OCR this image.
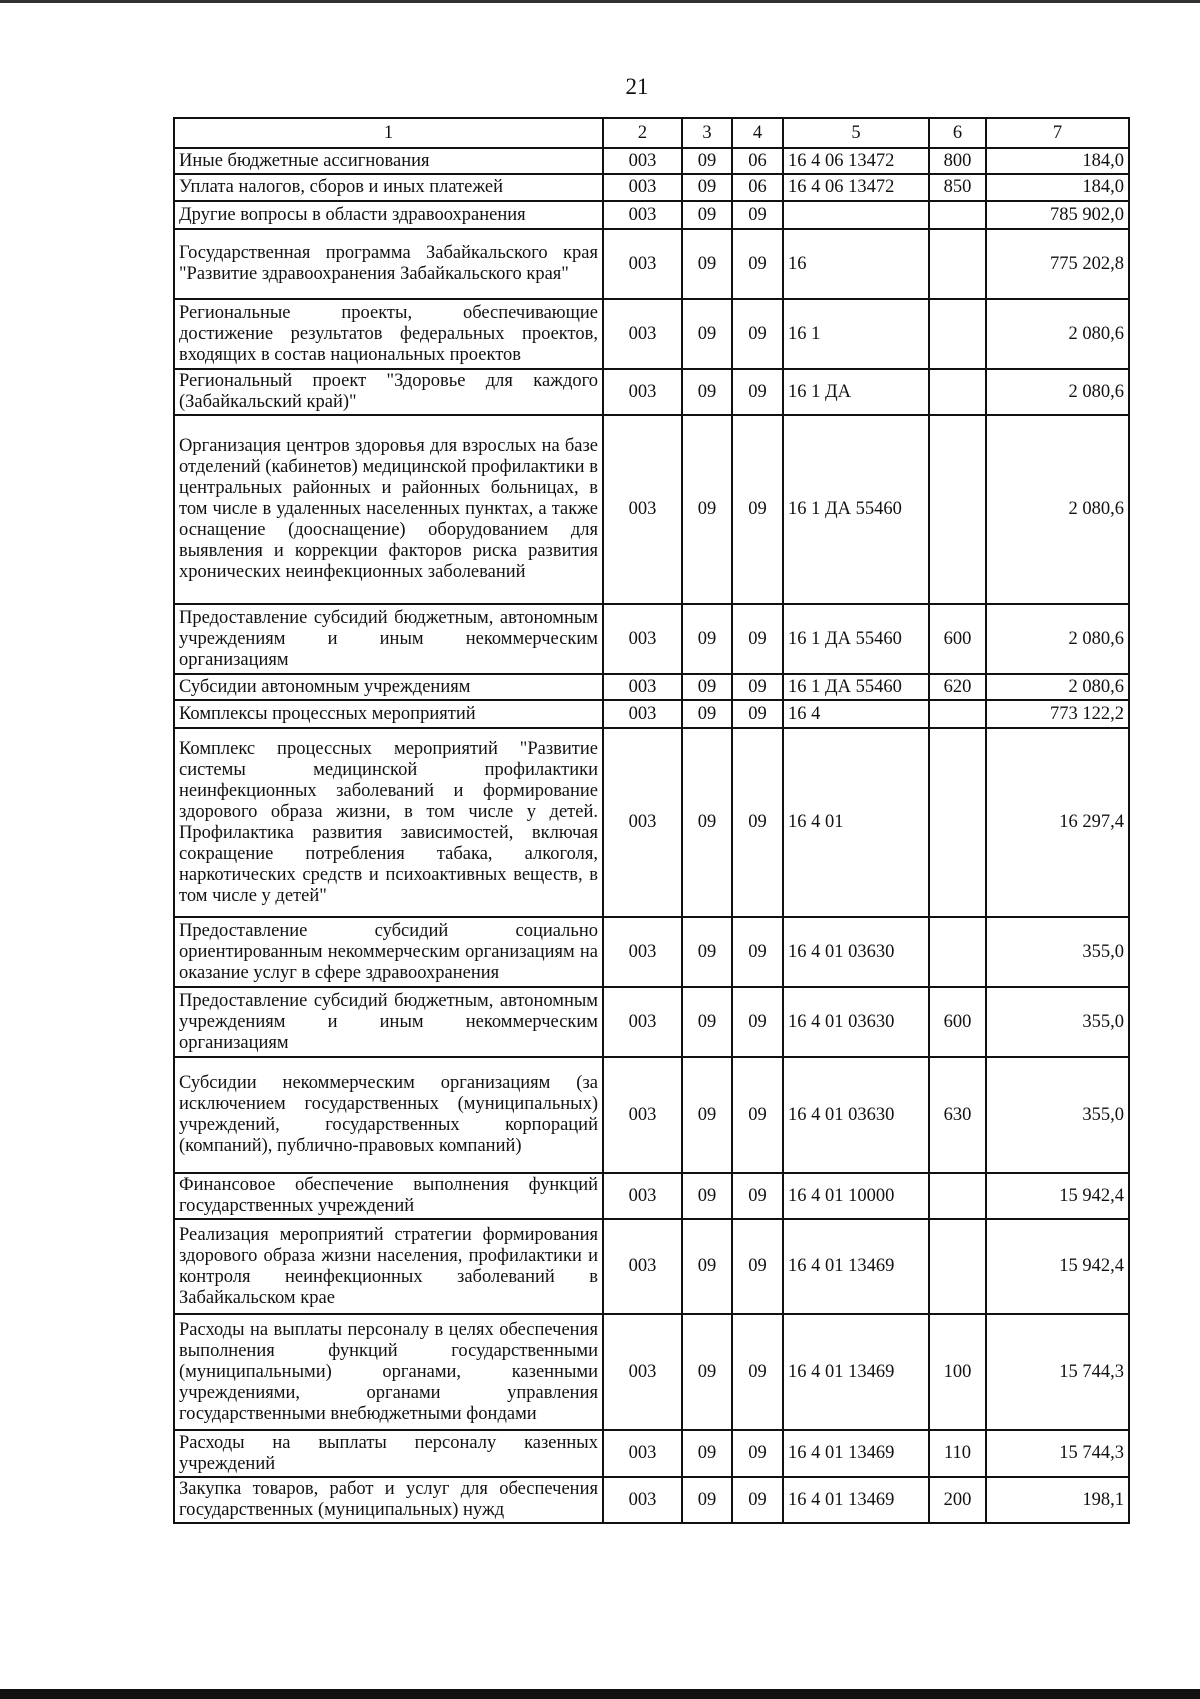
21
1	2	3	4	5	6	7
Иные бюджетные ассигнования	003	09	06	16 4 06 13472	800	184,0
Уплата налогов, сборов и иных платежей	003	09	06	16 4 06 13472	850	184,0
Другие вопросы в области здравоохранения	003	09	09			785 902,0
Государственная программа Забайкальского края "Развитие здравоохранения Забайкальского края"	003	09	09	16		775 202,8
Региональные проекты, обеспечивающие достижение результатов федеральных проектов, входящих в состав национальных проектов	003	09	09	16 1		2 080,6
Региональный проект "Здоровье для каждого (Забайкальский край)"	003	09	09	16 1 ДА		2 080,6
Организация центров здоровья для взрослых на базе отделений (кабинетов) медицинской профилактики в центральных районных и районных больницах, в том числе в удаленных населенных пунктах, а также оснащение (дооснащение) оборудованием для выявления и коррекции факторов риска развития хронических неинфекционных заболеваний	003	09	09	16 1 ДА 55460		2 080,6
Предоставление субсидий бюджетным, автономным учреждениям и иным некоммерческим организациям	003	09	09	16 1 ДА 55460	600	2 080,6
Субсидии автономным учреждениям	003	09	09	16 1 ДА 55460	620	2 080,6
Комплексы процессных мероприятий	003	09	09	16 4		773 122,2
Комплекс процессных мероприятий "Развитие системы медицинской профилактики неинфекционных заболеваний и формирование здорового образа жизни, в том числе у детей. Профилактика развития зависимостей, включая сокращение потребления табака, алкоголя, наркотических средств и психоактивных веществ, в том числе у детей"	003	09	09	16 4 01		16 297,4
Предоставление субсидий социально ориентированным некоммерческим организациям на оказание услуг в сфере здравоохранения	003	09	09	16 4 01 03630		355,0
Предоставление субсидий бюджетным, автономным учреждениям и иным некоммерческим организациям	003	09	09	16 4 01 03630	600	355,0
Субсидии некоммерческим организациям (за исключением государственных (муниципальных) учреждений, государственных корпораций (компаний), публично-правовых компаний)	003	09	09	16 4 01 03630	630	355,0
Финансовое обеспечение выполнения функций государственных учреждений	003	09	09	16 4 01 10000		15 942,4
Реализация мероприятий стратегии формирования здорового образа жизни населения, профилактики и контроля неинфекционных заболеваний в Забайкальском крае	003	09	09	16 4 01 13469		15 942,4
Расходы на выплаты персоналу в целях обеспечения выполнения функций государственными (муниципальными) органами, казенными учреждениями, органами управления государственными внебюджетными фондами	003	09	09	16 4 01 13469	100	15 744,3
Расходы на выплаты персоналу казенных учреждений	003	09	09	16 4 01 13469	110	15 744,3
Закупка товаров, работ и услуг для обеспечения государственных (муниципальных) нужд	003	09	09	16 4 01 13469	200	198,1
